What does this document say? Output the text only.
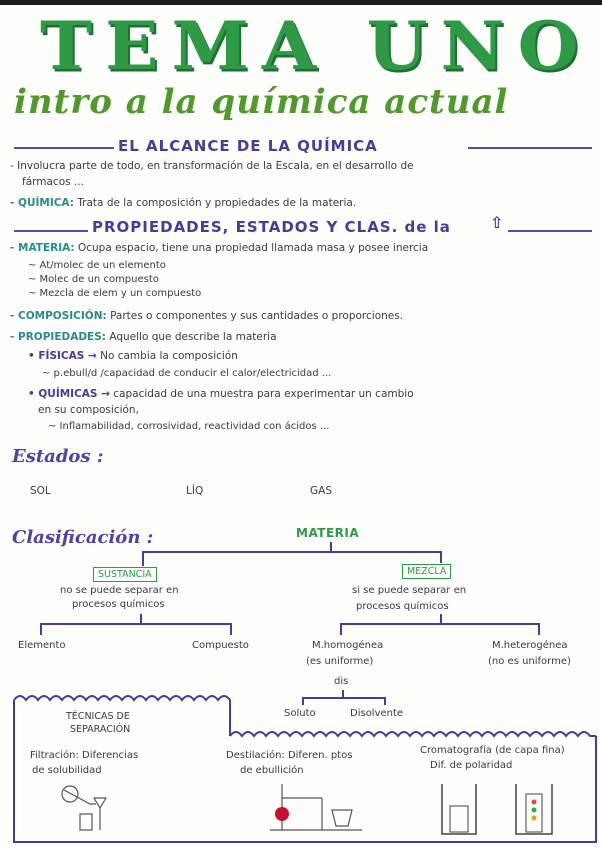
TEMA UNO
intro a la química actual
EL ALCANCE DE LA QUÍMICA
- Involucra parte de todo, en transformación de la Escala, en el desarrollo de
fármacos ...
- QUÍMICA: Trata de la composición y propiedades de la materia.
PROPIEDADES, ESTADOS Y CLAS. de la ⇧
- MATERIA: Ocupa espacio, tiene una propiedad llamada masa y posee inercia
~ At/molec de un elemento
~ Molec de un compuesto
~ Mezcla de elem y un compuesto
- COMPOSICIÓN: Partes o componentes y sus cantidades o proporciones.
- PROPIEDADES: Aquello que describe la materia
• FÍSICAS → No cambia la composición
~ p.ebull/d /capacidad de conducir el calor/electricidad ...
• QUÍMICAS → capacidad de una muestra para experimentar un cambio
en su composición,
~ Inflamabilidad, corrosividad, reactividad con ácidos ...
Estados :
SOL	LÍQ	GAS
Clasificación :	MATERIA
SUSTANCIA
no se puede separar en
procesos químicos
MEZCLA
si se puede separar en
procesos químicos
Elemento	Compuesto	M.homogénea
(es uniforme)
M.heterogénea
(no es uniforme)
dis
Soluto	Disolvente
TÉCNICAS DE
SEPARACIÓN
Filtración: Diferencias
de solubilidad
Destilación: Diferen. ptos
de ebullición
Cromatografía (de capa fina)
Dif. de polaridad
